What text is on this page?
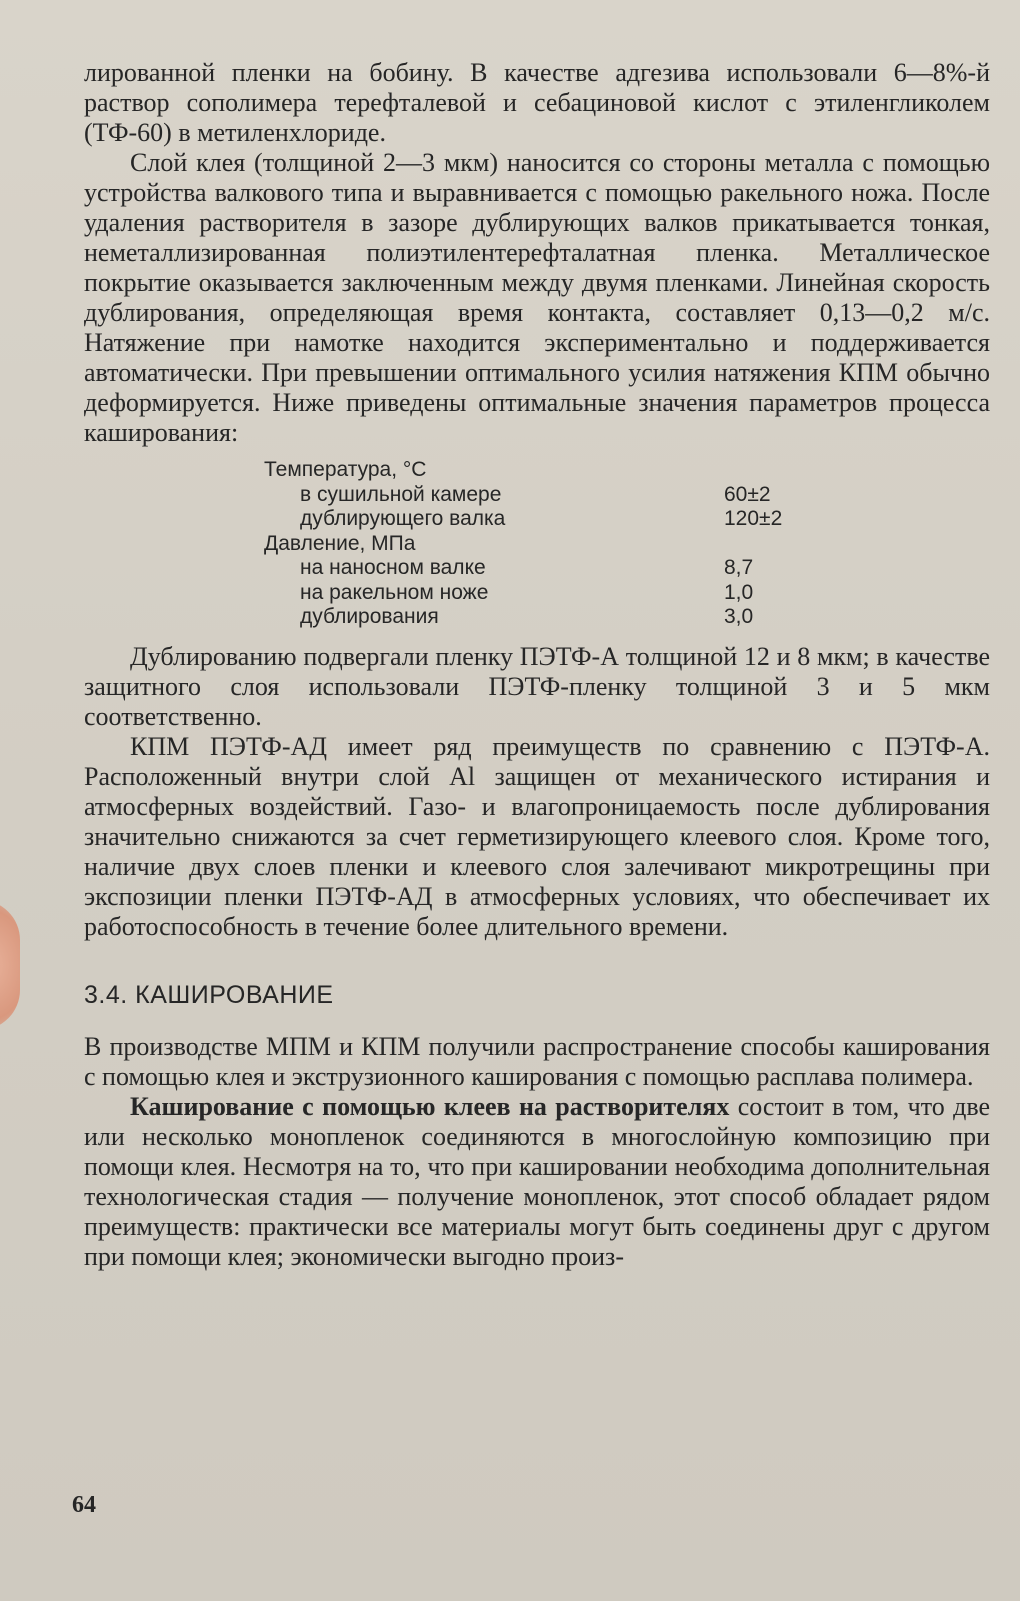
лированной пленки на бобину. В качестве адгезива использовали 6—8%-й раствор сополимера терефталевой и себациновой кислот с этиленгликолем (ТФ-60) в метиленхлориде.

Слой клея (толщиной 2—3 мкм) наносится со стороны металла с помощью устройства валкового типа и выравнивается с помощью ракельного ножа. После удаления растворителя в зазоре дублирующих валков прикатывается тонкая, неметаллизированная полиэтилентерефталатная пленка. Металлическое покрытие оказывается заключенным между двумя пленками. Линейная скорость дублирования, определяющая время контакта, составляет 0,13—0,2 м/с. Натяжение при намотке находится экспериментально и поддерживается автоматически. При превышении оптимального усилия натяжения КПМ обычно деформируется. Ниже приведены оптимальные значения параметров процесса каширования:

Температура, °C
в сушильной камере	60±2
дублирующего валка	120±2
Давление, МПа
на наносном валке	8,7
на ракельном ноже	1,0
дублирования	3,0

Дублированию подвергали пленку ПЭТФ-А толщиной 12 и 8 мкм; в качестве защитного слоя использовали ПЭТФ-пленку толщиной 3 и 5 мкм соответственно.

КПМ ПЭТФ-АД имеет ряд преимуществ по сравнению с ПЭТФ-А. Расположенный внутри слой Al защищен от механического истирания и атмосферных воздействий. Газо- и влагопроницаемость после дублирования значительно снижаются за счет герметизирующего клеевого слоя. Кроме того, наличие двух слоев пленки и клеевого слоя залечивают микротрещины при экспозиции пленки ПЭТФ-АД в атмосферных условиях, что обеспечивает их работоспособность в течение более длительного времени.

3.4. КАШИРОВАНИЕ

В производстве МПМ и КПМ получили распространение способы каширования с помощью клея и экструзионного каширования с помощью расплава полимера.

Каширование с помощью клеев на растворителях состоит в том, что две или несколько монопленок соединяются в многослойную композицию при помощи клея. Несмотря на то, что при кашировании необходима дополнительная технологическая стадия — получение монопленок, этот способ обладает рядом преимуществ: практически все материалы могут быть соединены друг с другом при помощи клея; экономически выгодно произ-

64
